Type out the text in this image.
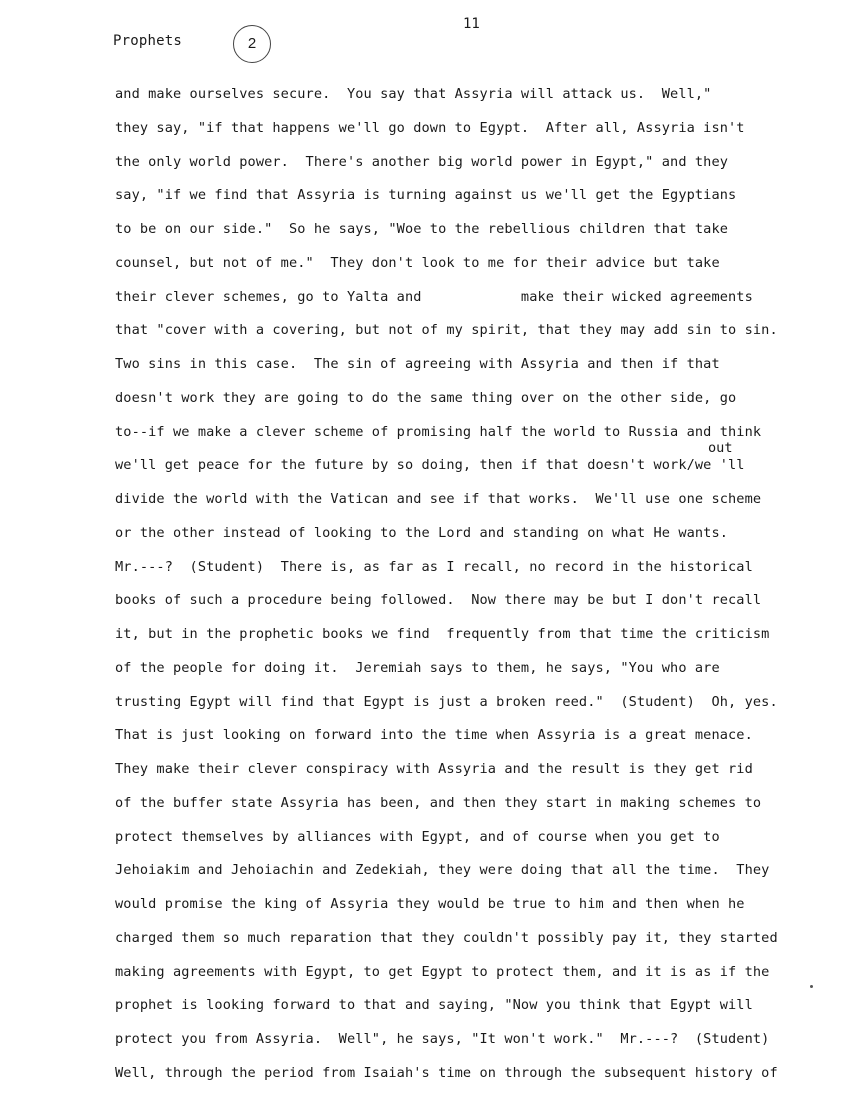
Prophets	2
11
out
and make ourselves secure.  You say that Assyria will attack us.  Well,"
they say, "if that happens we'll go down to Egypt.  After all, Assyria isn't
the only world power.  There's another big world power in Egypt," and they
say, "if we find that Assyria is turning against us we'll get the Egyptians
to be on our side."  So he says, "Woe to the rebellious children that take
counsel, but not of me."  They don't look to me for their advice but take
their clever schemes, go to Yalta and            make their wicked agreements
that "cover with a covering, but not of my spirit, that they may add sin to sin.
Two sins in this case.  The sin of agreeing with Assyria and then if that
doesn't work they are going to do the same thing over on the other side, go
to--if we make a clever scheme of promising half the world to Russia and think
we'll get peace for the future by so doing, then if that doesn't work/we 'll
divide the world with the Vatican and see if that works.  We'll use one scheme
or the other instead of looking to the Lord and standing on what He wants.
Mr.---?  (Student)  There is, as far as I recall, no record in the historical
books of such a procedure being followed.  Now there may be but I don't recall
it, but in the prophetic books we find  frequently from that time the criticism
of the people for doing it.  Jeremiah says to them, he says, "You who are
trusting Egypt will find that Egypt is just a broken reed."  (Student)  Oh, yes.
That is just looking on forward into the time when Assyria is a great menace.
They make their clever conspiracy with Assyria and the result is they get rid
of the buffer state Assyria has been, and then they start in making schemes to
protect themselves by alliances with Egypt, and of course when you get to
Jehoiakim and Jehoiachin and Zedekiah, they were doing that all the time.  They
would promise the king of Assyria they would be true to him and then when he
charged them so much reparation that they couldn't possibly pay it, they started
making agreements with Egypt, to get Egypt to protect them, and it is as if the
prophet is looking forward to that and saying, "Now you think that Egypt will
protect you from Assyria.  Well", he says, "It won't work."  Mr.---?  (Student)
Well, through the period from Isaiah's time on through the subsequent history of
